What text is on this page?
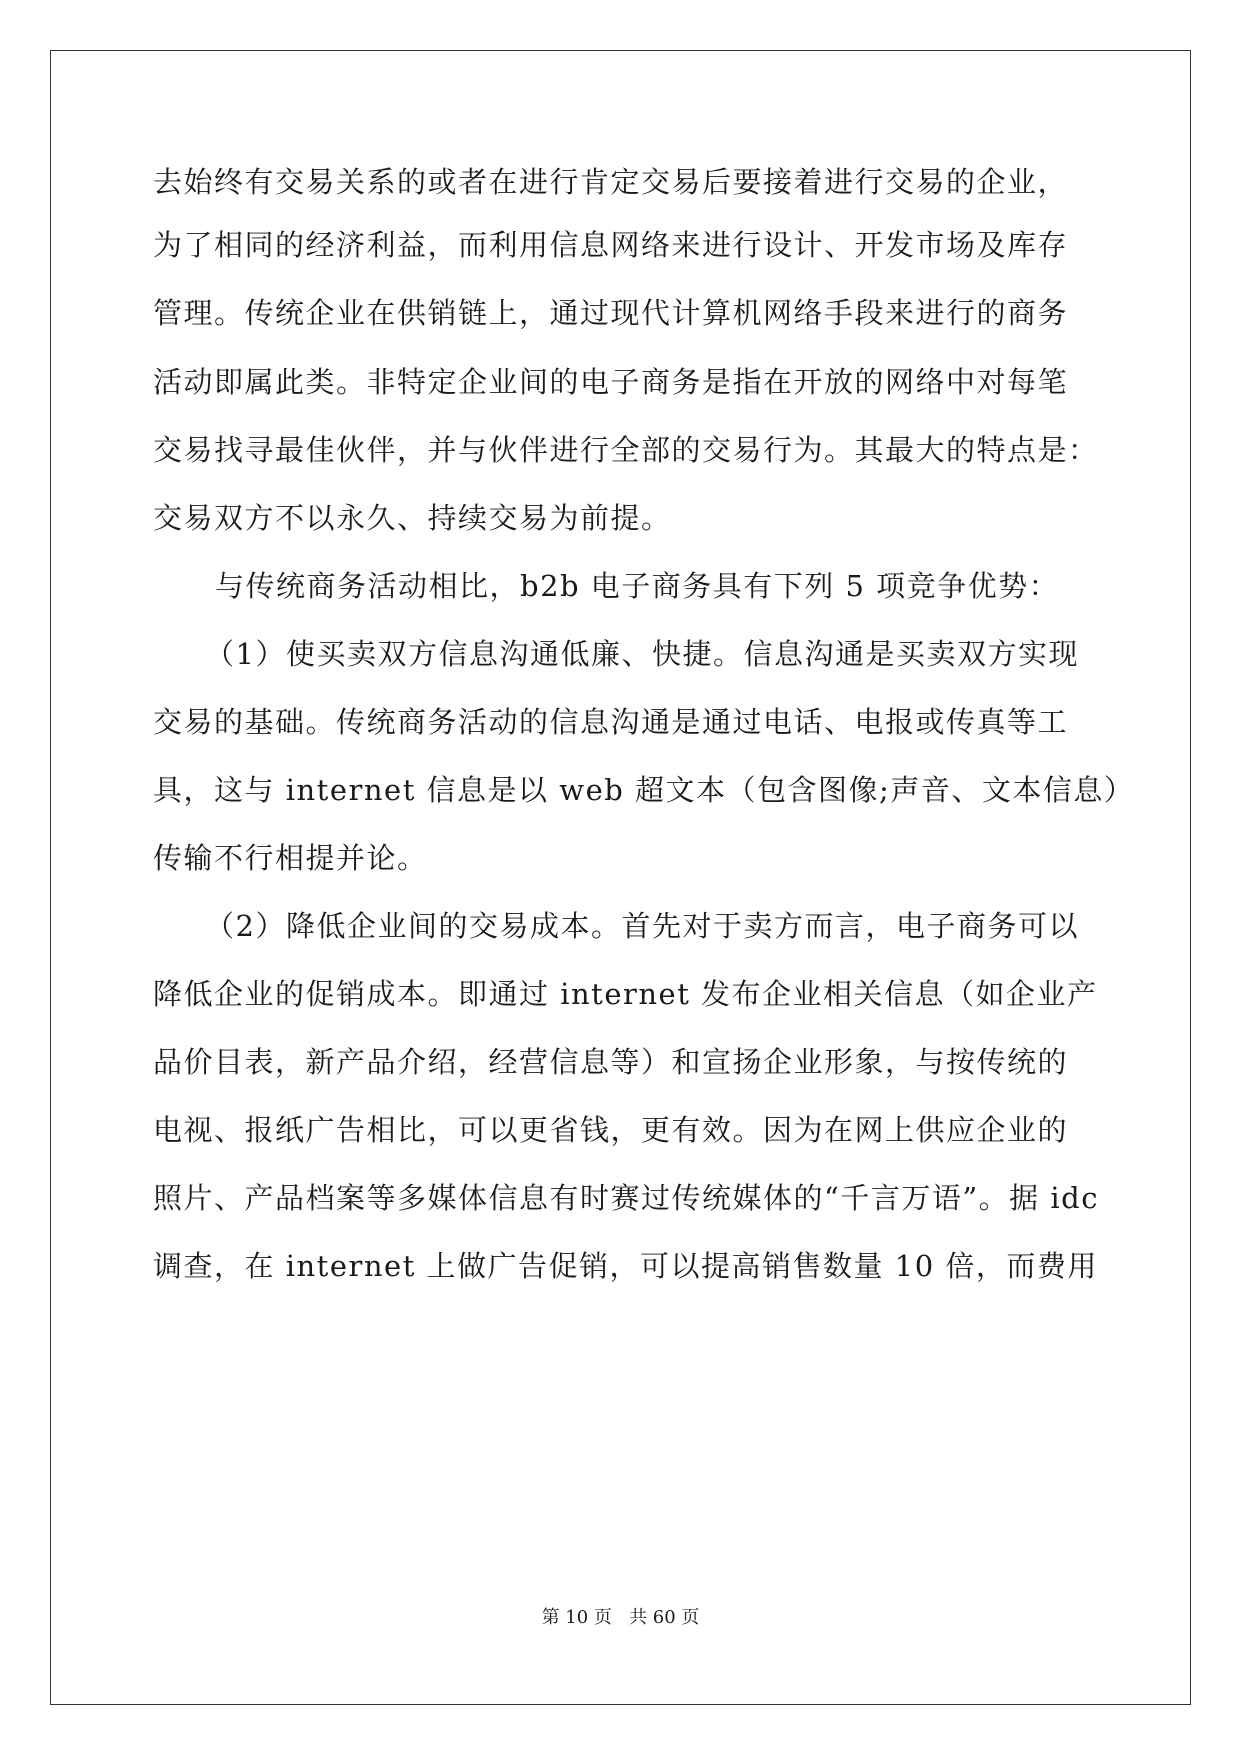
去始终有交易关系的或者在进行肯定交易后要接着进行交易的企业，
为了相同的经济利益，而利用信息网络来进行设计、开发市场及库存
管理。传统企业在供销链上，通过现代计算机网络手段来进行的商务
活动即属此类。非特定企业间的电子商务是指在开放的网络中对每笔
交易找寻最佳伙伴，并与伙伴进行全部的交易行为。其最大的特点是：
交易双方不以永久、持续交易为前提。
与传统商务活动相比，b2b 电子商务具有下列 5 项竞争优势：
（1）使买卖双方信息沟通低廉、快捷。信息沟通是买卖双方实现
交易的基础。传统商务活动的信息沟通是通过电话、电报或传真等工
具，这与 internet 信息是以 web 超文本（包含图像;声音、文本信息）
传输不行相提并论。
（2）降低企业间的交易成本。首先对于卖方而言，电子商务可以
降低企业的促销成本。即通过 internet 发布企业相关信息（如企业产
品价目表，新产品介绍，经营信息等）和宣扬企业形象，与按传统的
电视、报纸广告相比，可以更省钱，更有效。因为在网上供应企业的
照片、产品档案等多媒体信息有时赛过传统媒体的“千言万语”。据 idc
调查，在 internet 上做广告促销，可以提高销售数量 10 倍，而费用
第 10 页   共 60 页
